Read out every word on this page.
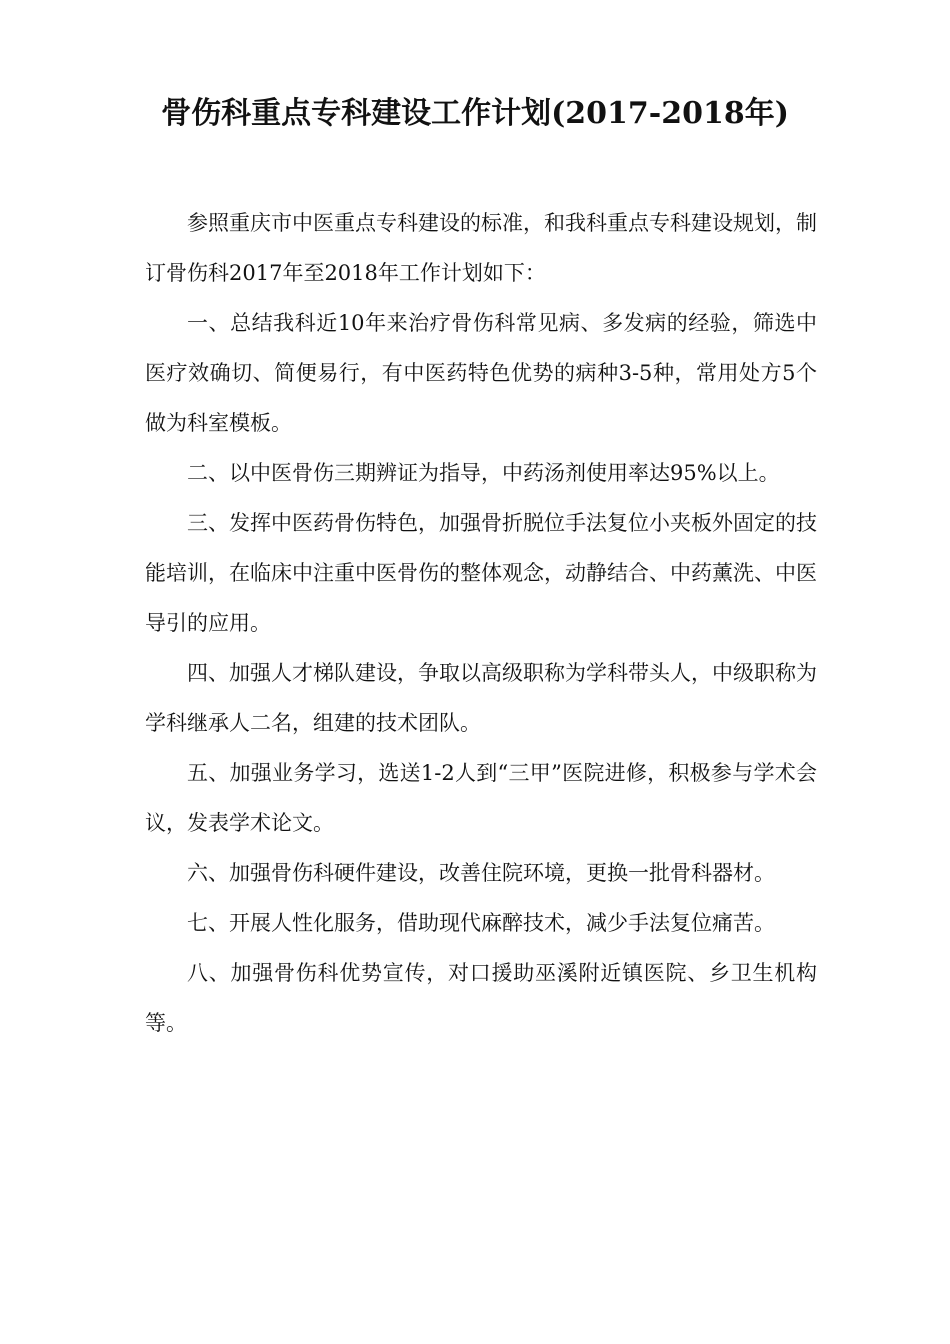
骨伤科重点专科建设工作计划(2017-2018年)

参照重庆市中医重点专科建设的标准，和我科重点专科建设规划，制订骨伤科2017年至2018年工作计划如下：

一、总结我科近10年来治疗骨伤科常见病、多发病的经验，筛选中医疗效确切、简便易行，有中医药特色优势的病种3-5种，常用处方5个做为科室模板。

二、以中医骨伤三期辨证为指导，中药汤剂使用率达95%以上。

三、发挥中医药骨伤特色，加强骨折脱位手法复位小夹板外固定的技能培训，在临床中注重中医骨伤的整体观念，动静结合、中药薰洗、中医导引的应用。

四、加强人才梯队建设，争取以高级职称为学科带头人，中级职称为学科继承人二名，组建的技术团队。

五、加强业务学习，选送1-2人到“三甲”医院进修，积极参与学术会议，发表学术论文。

六、加强骨伤科硬件建设，改善住院环境，更换一批骨科器材。

七、开展人性化服务，借助现代麻醉技术，减少手法复位痛苦。

八、加强骨伤科优势宣传，对口援助巫溪附近镇医院、乡卫生机构等。
